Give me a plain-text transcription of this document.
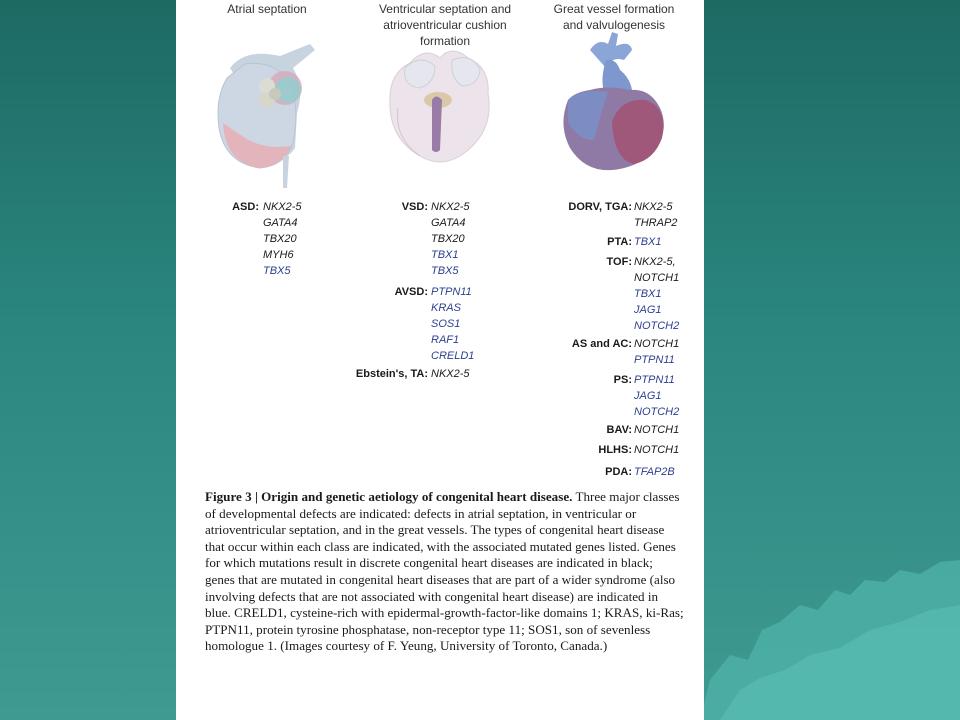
Atrial septation	Ventricular septation and
atrioventricular cushion
formation
Great vessel formation
and valvulogenesis
ASD: NKX2-5
GATA4
TBX20
MYH6
TBX5
VSD: NKX2-5
GATA4
TBX20
TBX1
TBX5
AVSD: PTPN11
KRAS
SOS1
RAF1
CRELD1
Ebstein's, TA: NKX2-5
DORV, TGA: NKX2-5
THRAP2
PTA: TBX1
TOF: NKX2-5,
NOTCH1
TBX1
JAG1
NOTCH2
AS and AC: NOTCH1
PTPN11
PS: PTPN11
JAG1
NOTCH2
BAV: NOTCH1
HLHS: NOTCH1
PDA: TFAP2B
Figure 3 | Origin and genetic aetiology of congenital heart disease. Three major classes of developmental defects are indicated: defects in atrial septation, in ventricular or atrioventricular septation, and in the great vessels. The types of congenital heart disease that occur within each class are indicated, with the associated mutated genes listed. Genes for which mutations result in discrete congenital heart diseases are indicated in black; genes that are mutated in congenital heart diseases that are part of a wider syndrome (also involving defects that are not associated with congenital heart disease) are indicated in blue. CRELD1, cysteine-rich with epidermal-growth-factor-like domains 1; KRAS, ki-Ras; PTPN11, protein tyrosine phosphatase, non-receptor type 11; SOS1, son of sevenless homologue 1. (Images courtesy of F. Yeung, University of Toronto, Canada.)
